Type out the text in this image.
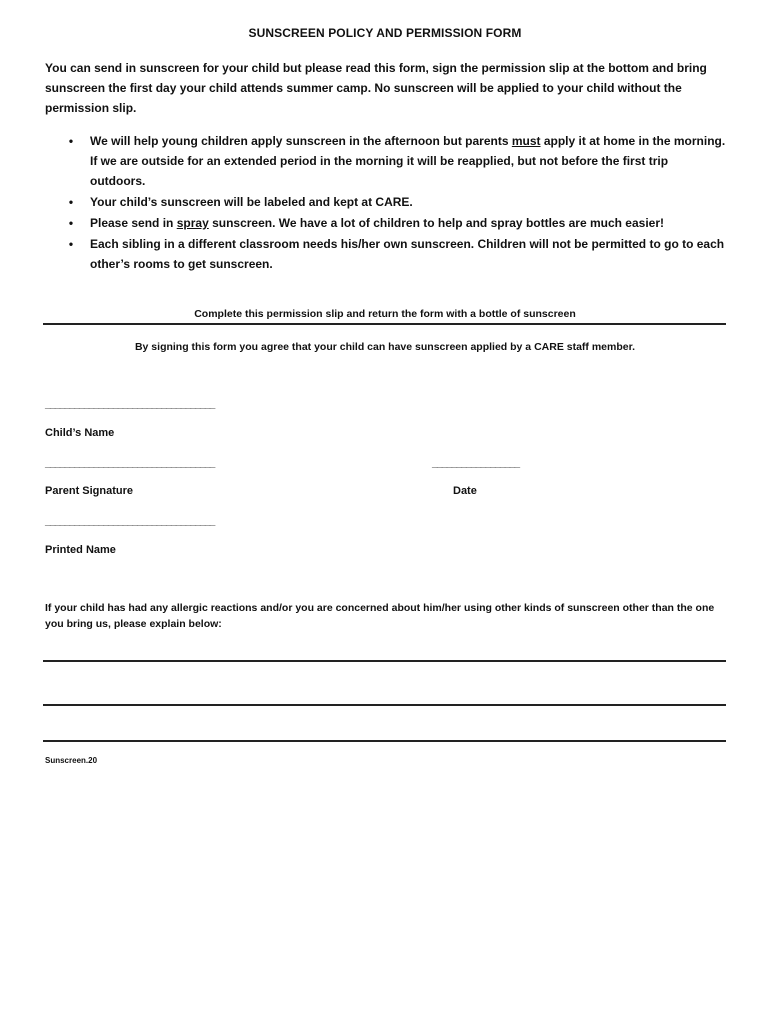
SUNSCREEN POLICY AND PERMISSION FORM
You can send in sunscreen for your child but please read this form, sign the permission slip at the bottom and bring sunscreen the first day your child attends summer camp. No sunscreen will be applied to your child without the permission slip.
• We will help young children apply sunscreen in the afternoon but parents must apply it at home in the morning. If we are outside for an extended period in the morning it will be reapplied, but not before the first trip outdoors.
• Your child’s sunscreen will be labeled and kept at CARE.
• Please send in spray sunscreen. We have a lot of children to help and spray bottles are much easier!
• Each sibling in a different classroom needs his/her own sunscreen. Children will not be permitted to go to each other’s rooms to get sunscreen.
Complete this permission slip and return the form with a bottle of sunscreen
By signing this form you agree that your child can have sunscreen applied by a CARE staff member.
___________________________________
Child’s Name
___________________________________	__________________
Parent Signature	Date
___________________________________
Printed Name
If your child has had any allergic reactions and/or you are concerned about him/her using other kinds of sunscreen other than the one you bring us, please explain below:
Sunscreen.20
